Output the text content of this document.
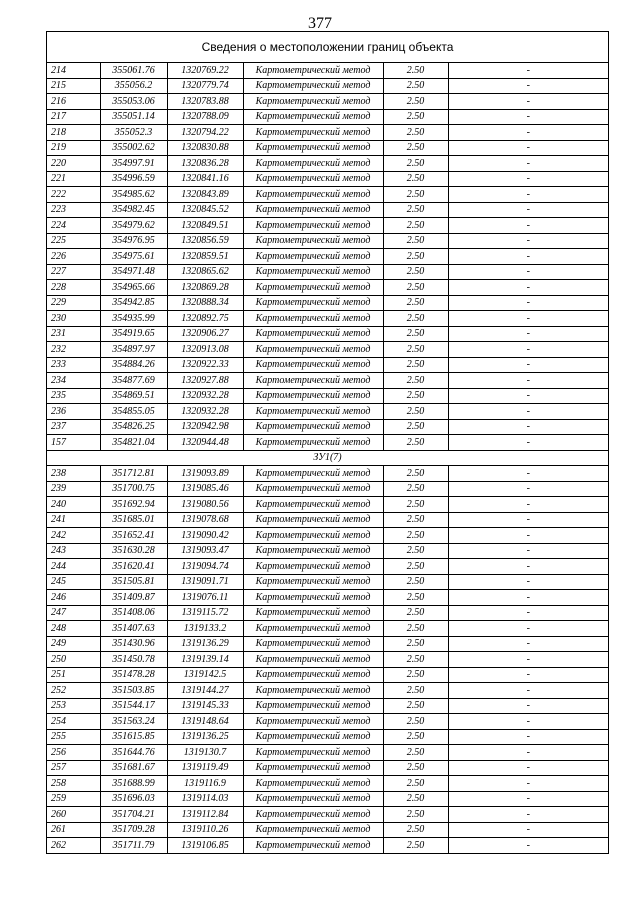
377
Сведения о местоположении границ объекта
214	355061.76	1320769.22	Картометрический метод	2.50	-
215	355056.2	1320779.74	Картометрический метод	2.50	-
216	355053.06	1320783.88	Картометрический метод	2.50	-
217	355051.14	1320788.09	Картометрический метод	2.50	-
218	355052.3	1320794.22	Картометрический метод	2.50	-
219	355002.62	1320830.88	Картометрический метод	2.50	-
220	354997.91	1320836.28	Картометрический метод	2.50	-
221	354996.59	1320841.16	Картометрический метод	2.50	-
222	354985.62	1320843.89	Картометрический метод	2.50	-
223	354982.45	1320845.52	Картометрический метод	2.50	-
224	354979.62	1320849.51	Картометрический метод	2.50	-
225	354976.95	1320856.59	Картометрический метод	2.50	-
226	354975.61	1320859.51	Картометрический метод	2.50	-
227	354971.48	1320865.62	Картометрический метод	2.50	-
228	354965.66	1320869.28	Картометрический метод	2.50	-
229	354942.85	1320888.34	Картометрический метод	2.50	-
230	354935.99	1320892.75	Картометрический метод	2.50	-
231	354919.65	1320906.27	Картометрический метод	2.50	-
232	354897.97	1320913.08	Картометрический метод	2.50	-
233	354884.26	1320922.33	Картометрический метод	2.50	-
234	354877.69	1320927.88	Картометрический метод	2.50	-
235	354869.51	1320932.28	Картометрический метод	2.50	-
236	354855.05	1320932.28	Картометрический метод	2.50	-
237	354826.25	1320942.98	Картометрический метод	2.50	-
157	354821.04	1320944.48	Картометрический метод	2.50	-
ЗУ1(7)					
238	351712.81	1319093.89	Картометрический метод	2.50	-
239	351700.75	1319085.46	Картометрический метод	2.50	-
240	351692.94	1319080.56	Картометрический метод	2.50	-
241	351685.01	1319078.68	Картометрический метод	2.50	-
242	351652.41	1319090.42	Картометрический метод	2.50	-
243	351630.28	1319093.47	Картометрический метод	2.50	-
244	351620.41	1319094.74	Картометрический метод	2.50	-
245	351505.81	1319091.71	Картометрический метод	2.50	-
246	351409.87	1319076.11	Картометрический метод	2.50	-
247	351408.06	1319115.72	Картометрический метод	2.50	-
248	351407.63	1319133.2	Картометрический метод	2.50	-
249	351430.96	1319136.29	Картометрический метод	2.50	-
250	351450.78	1319139.14	Картометрический метод	2.50	-
251	351478.28	1319142.5	Картометрический метод	2.50	-
252	351503.85	1319144.27	Картометрический метод	2.50	-
253	351544.17	1319145.33	Картометрический метод	2.50	-
254	351563.24	1319148.64	Картометрический метод	2.50	-
255	351615.85	1319136.25	Картометрический метод	2.50	-
256	351644.76	1319130.7	Картометрический метод	2.50	-
257	351681.67	1319119.49	Картометрический метод	2.50	-
258	351688.99	1319116.9	Картометрический метод	2.50	-
259	351696.03	1319114.03	Картометрический метод	2.50	-
260	351704.21	1319112.84	Картометрический метод	2.50	-
261	351709.28	1319110.26	Картометрический метод	2.50	-
262	351711.79	1319106.85	Картометрический метод	2.50	-
